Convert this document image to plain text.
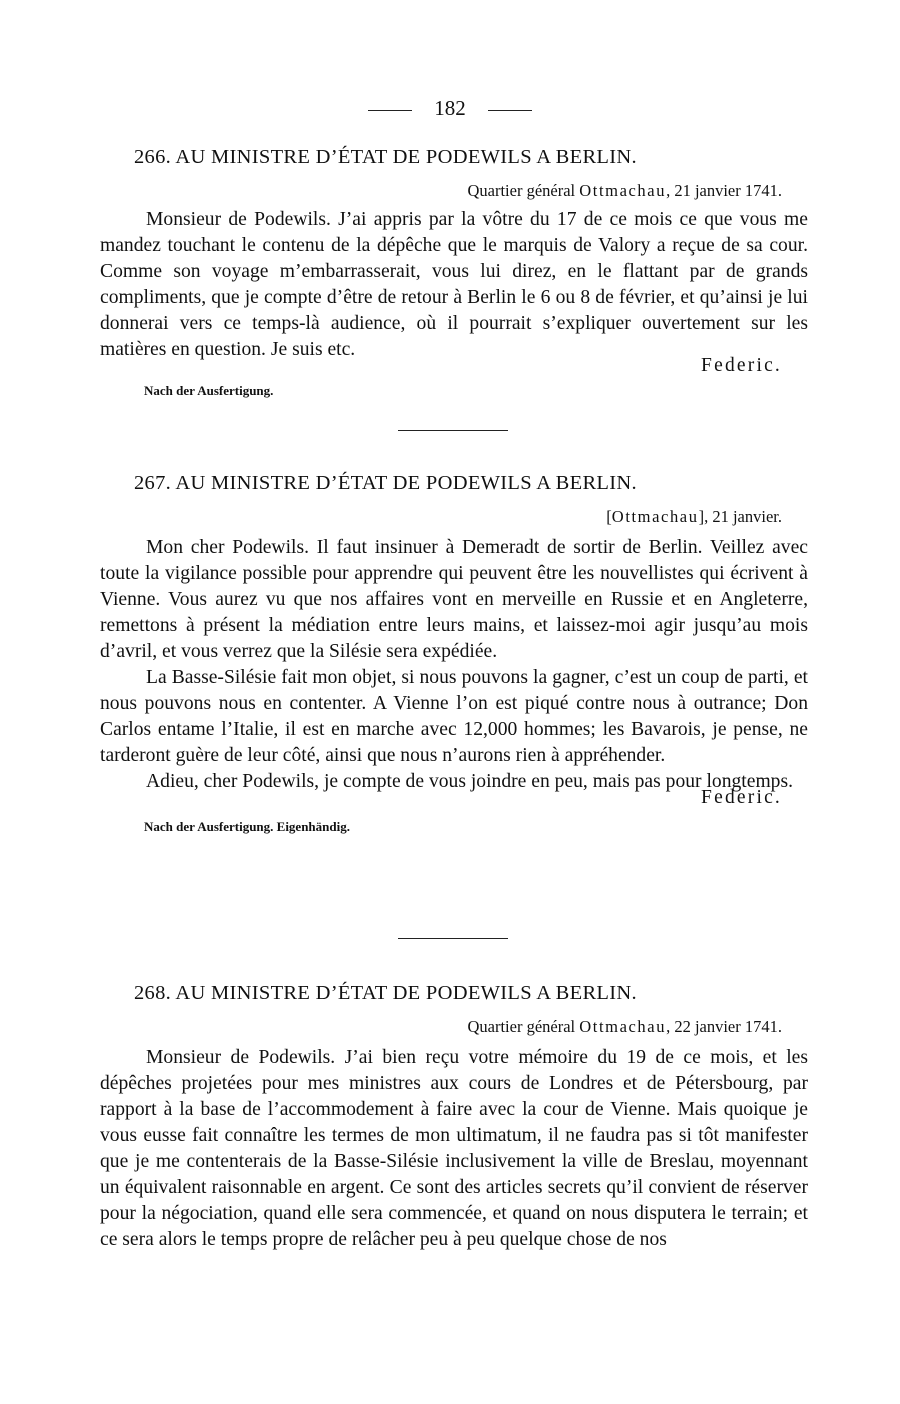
182
266. AU MINISTRE D’ÉTAT DE PODEWILS A BERLIN.
Quartier général Ottmachau, 21 janvier 1741.

Monsieur de Podewils. J’ai appris par la vôtre du 17 de ce mois ce que vous me mandez touchant le contenu de la dépêche que le marquis de Valory a reçue de sa cour. Comme son voyage m’embarrasserait, vous lui direz, en le flattant par de grands compliments, que je compte d’être de retour à Berlin le 6 ou 8 de février, et qu’ainsi je lui donnerai vers ce temps-là audience, où il pourrait s’expliquer ouvertement sur les matières en question. Je suis etc.

Federic.
Nach der Ausfertigung.
267. AU MINISTRE D’ÉTAT DE PODEWILS A BERLIN.
[Ottmachau], 21 janvier.

Mon cher Podewils. Il faut insinuer à Demeradt de sortir de Berlin. Veillez avec toute la vigilance possible pour apprendre qui peuvent être les nouvellistes qui écrivent à Vienne. Vous aurez vu que nos affaires vont en merveille en Russie et en Angleterre, remettons à présent la médiation entre leurs mains, et laissez-moi agir jusqu’au mois d’avril, et vous verrez que la Silésie sera expédiée.

La Basse-Silésie fait mon objet, si nous pouvons la gagner, c’est un coup de parti, et nous pouvons nous en contenter. A Vienne l’on est piqué contre nous à outrance; Don Carlos entame l’Italie, il est en marche avec 12,000 hommes; les Bavarois, je pense, ne tarderont guère de leur côté, ainsi que nous n’aurons rien à appréhender.

Adieu, cher Podewils, je compte de vous joindre en peu, mais pas pour longtemps.

Federic.
Nach der Ausfertigung. Eigenhändig.
268. AU MINISTRE D’ÉTAT DE PODEWILS A BERLIN.
Quartier général Ottmachau, 22 janvier 1741.

Monsieur de Podewils. J’ai bien reçu votre mémoire du 19 de ce mois, et les dépêches projetées pour mes ministres aux cours de Londres et de Pétersbourg, par rapport à la base de l’accommodement à faire avec la cour de Vienne. Mais quoique je vous eusse fait connaître les termes de mon ultimatum, il ne faudra pas si tôt manifester que je me contenterais de la Basse-Silésie inclusivement la ville de Breslau, moyennant un équivalent raisonnable en argent. Ce sont des articles secrets qu’il convient de réserver pour la négociation, quand elle sera commencée, et quand on nous disputera le terrain; et ce sera alors le temps propre de relâcher peu à peu quelque chose de nos
